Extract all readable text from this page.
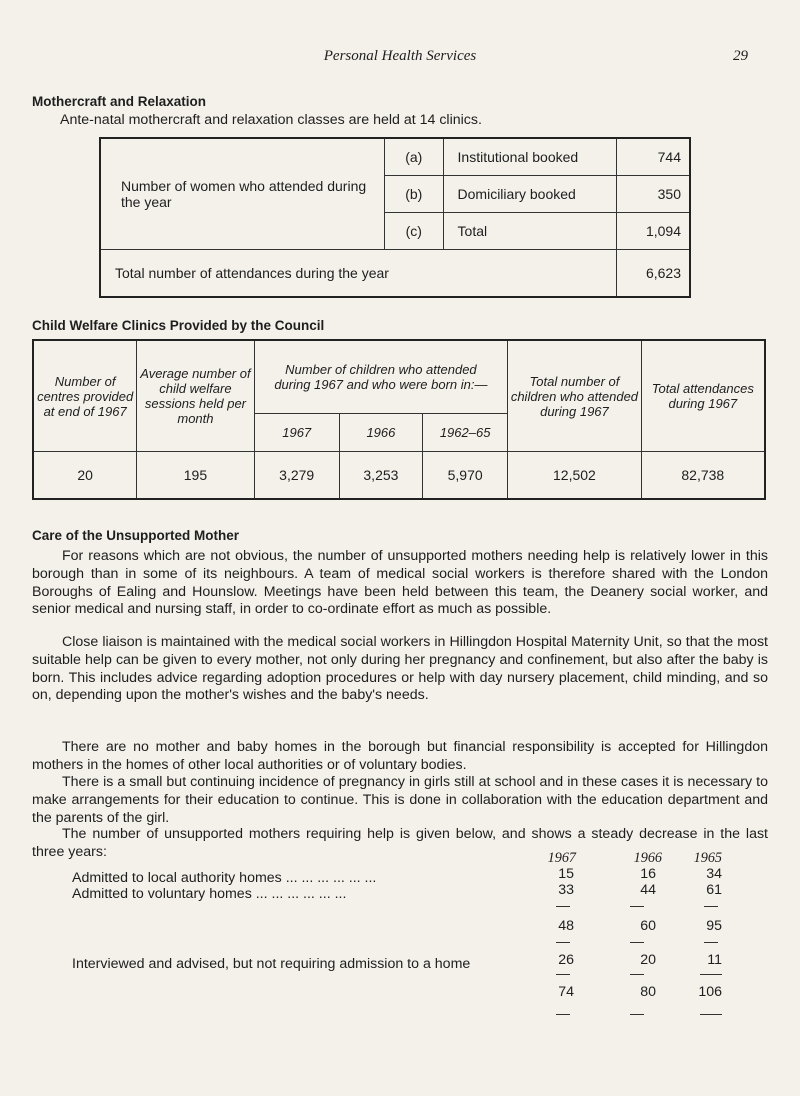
Personal Health Services	29
Mothercraft and Relaxation
Ante-natal mothercraft and relaxation classes are held at 14 clinics.
Number of women who attended during the year	(a)	Institutional booked	744
	(b)	Domiciliary booked	350
	(c)	Total	1,094
Total number of attendances during the year			6,623
Child Welfare Clinics Provided by the Council
Number of centres provided at end of 1967	Average number of child welfare sessions held per month	Number of children who attended during 1967 and who were born in:—			Total number of children who attended during 1967	Total attendances during 1967
		1967	1966	1962–65		
20	195	3,279	3,253	5,970	12,502	82,738
Care of the Unsupported Mother
For reasons which are not obvious, the number of unsupported mothers needing help is relatively lower in this borough than in some of its neighbours. A team of medical social workers is therefore shared with the London Boroughs of Ealing and Hounslow. Meetings have been held between this team, the Deanery social worker, and senior medical and nursing staff, in order to co-ordinate effort as much as possible.
Close liaison is maintained with the medical social workers in Hillingdon Hospital Maternity Unit, so that the most suitable help can be given to every mother, not only during her pregnancy and confinement, but also after the baby is born. This includes advice regarding adoption procedures or help with day nursery placement, child minding, and so on, depending upon the mother's wishes and the baby's needs.
There are no mother and baby homes in the borough but financial responsibility is accepted for Hillingdon mothers in the homes of other local authorities or of voluntary bodies.
There is a small but continuing incidence of pregnancy in girls still at school and in these cases it is necessary to make arrangements for their education to continue. This is done in collaboration with the education department and the parents of the girl.
The number of unsupported mothers requiring help is given below, and shows a steady decrease in the last three years:	1967	1966	1965
Admitted to local authority homes ... ... ... ... ... ...	15	16	34
Admitted to voluntary homes ... ... ... ... ... ...	33	44	61
48	60	95
Interviewed and advised, but not requiring admission to a home	26	20	11
74	80	106
